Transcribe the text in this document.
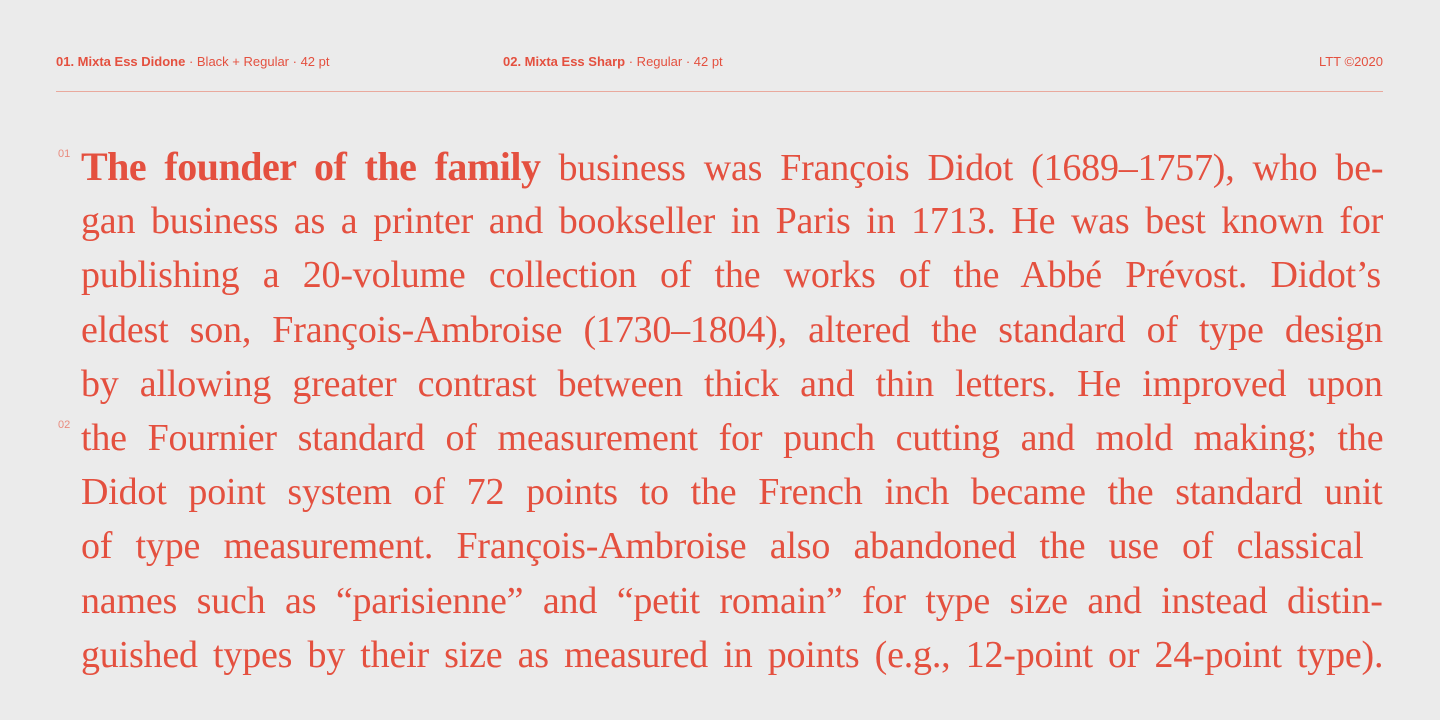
01. Mixta Ess Didone · Black + Regular · 42 pt	02. Mixta Ess Sharp · Regular · 42 pt	LTT ©2020
01
02
The founder of the family business was François Didot (1689–1757), who be-
gan business as a printer and bookseller in Paris in 1713. He was best known for
publishing a 20-volume collection of the works of the Abbé Prévost. Didot’s
eldest son, François-Ambroise (1730–1804), altered the standard of type design
by allowing greater contrast between thick and thin letters. He improved upon
the Fournier standard of measurement for punch cutting and mold making; the
Didot point system of 72 points to the French inch became the standard unit
of type measurement. François-Ambroise also abandoned the use of classical
names such as “parisienne” and “petit romain” for type size and instead distin-
guished types by their size as measured in points (e.g., 12-point or 24-point type).
